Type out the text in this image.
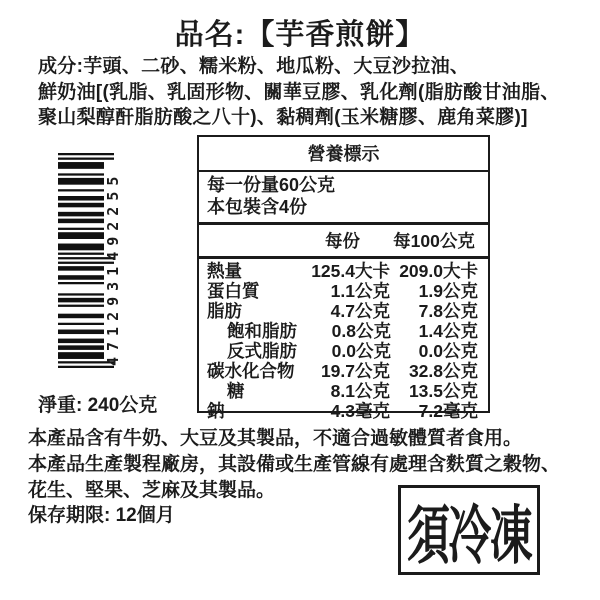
品名:【芋香煎餅】
成分:芋頭、二砂、糯米粉、地瓜粉、大豆沙拉油、
鮮奶油[(乳脂、乳固形物、關華豆膠、乳化劑(脂肪酸甘油脂、
聚山梨醇酐脂肪酸之八十)、黏稠劑(玉米糖膠、鹿角菜膠)]
4712931492255
淨重: 240公克
營養標示
每一份量60公克
本包裝含4份
每份	每100公克
熱量	125.4大卡 209.0大卡
蛋白質	1.1公克	1.9公克
脂肪	4.7公克	7.8公克
飽和脂肪	0.8公克	1.4公克
反式脂肪	0.0公克	0.0公克
碳水化合物	19.7公克	32.8公克
糖	8.1公克	13.5公克
鈉	4.3毫克	7.2毫克
本產品含有牛奶、大豆及其製品，不適合過敏體質者食用。
本產品生產製程廠房，其設備或生產管線有處理含麩質之穀物、
花生、堅果、芝麻及其製品。
保存期限: 12個月	須冷凍
